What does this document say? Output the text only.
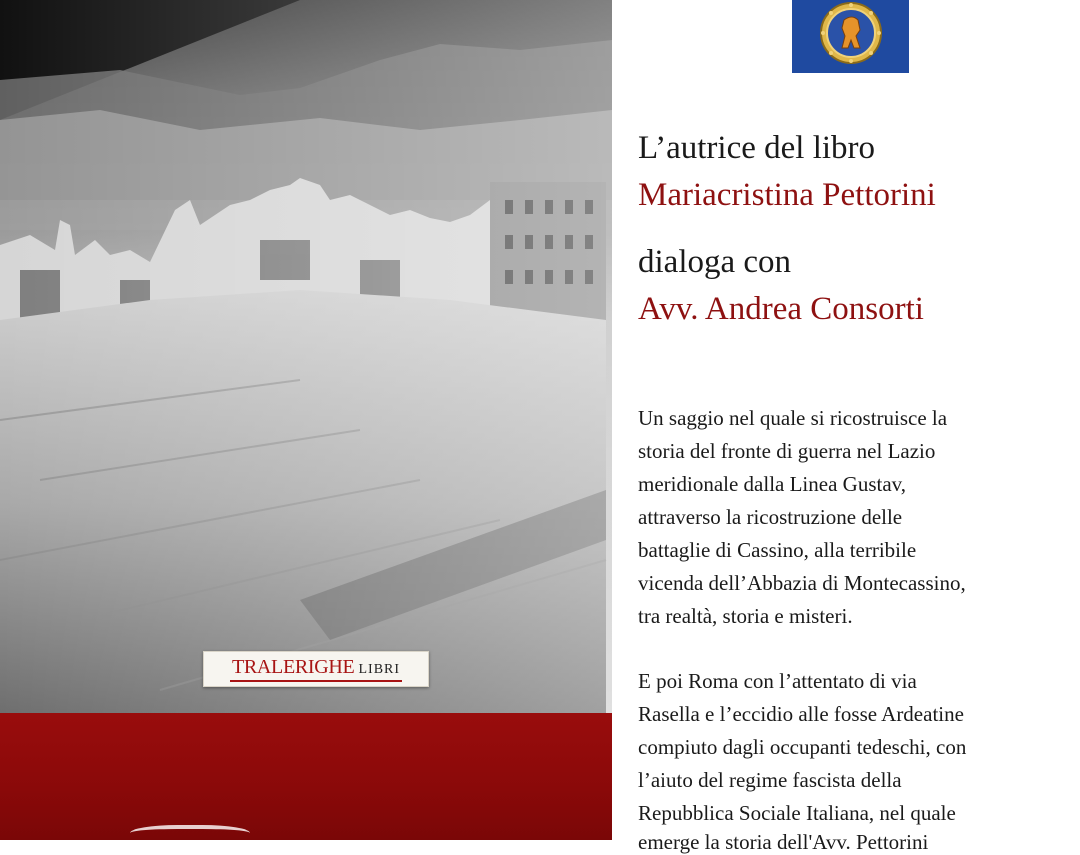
TRALERIGHE LIBRI
L’autrice del libro
Mariacristina Pettorini
dialoga con
Avv. Andrea Consorti
Un saggio nel quale si ricostruisce la
storia del fronte di guerra nel Lazio
meridionale dalla Linea Gustav,
attraverso la ricostruzione delle
battaglie di Cassino, alla terribile
vicenda dell’Abbazia di Montecassino,
tra realtà, storia e misteri.
E poi Roma con l’attentato di via
Rasella e l’eccidio alle fosse Ardeatine
compiuto dagli occupanti tedeschi, con
l’aiuto del regime fascista della
Repubblica Sociale Italiana, nel quale
emerge la storia dell'Avv. Pettorini
